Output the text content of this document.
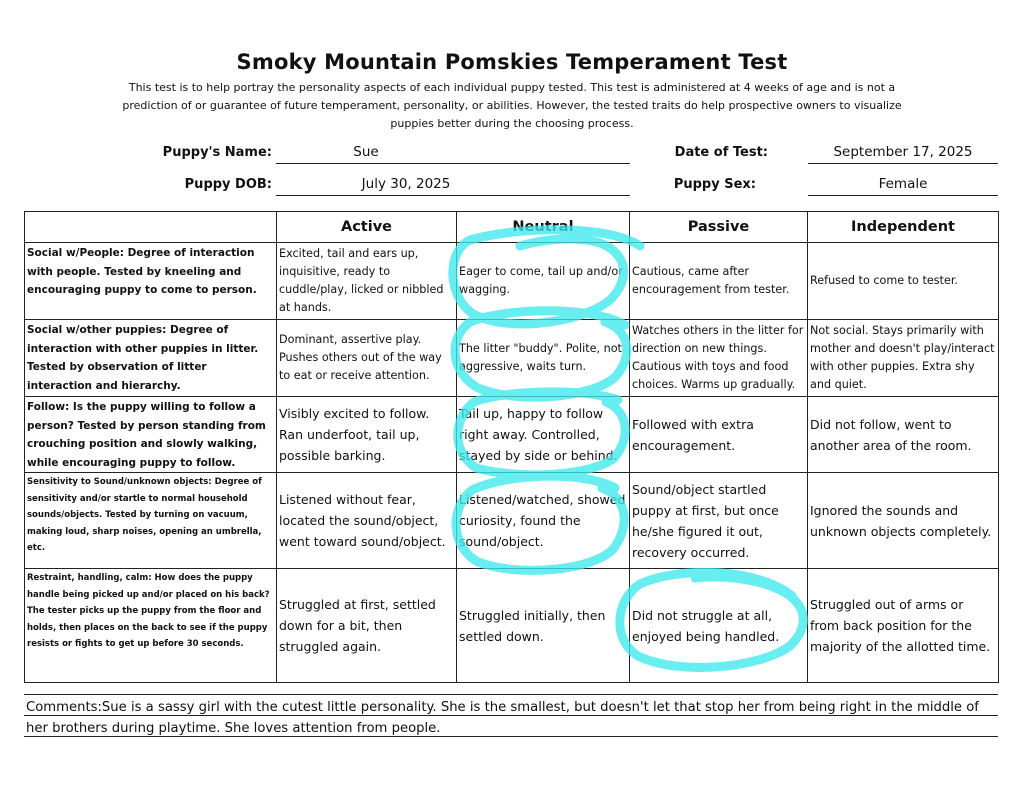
Smoky Mountain Pomskies Temperament Test
This test is to help portray the personality aspects of each individual puppy tested. This test is administered at 4 weeks of age and is not a prediction of or guarantee of future temperament, personality, or abilities. However, the tested traits do help prospective owners to visualize puppies better during the choosing process.
Puppy's Name:	Sue	Date of Test:	September 17, 2025
Puppy DOB:	July 30, 2025	Puppy Sex:	Female
	Active	Neutral	Passive	Independent
Social w/People: Degree of interaction with people. Tested by kneeling and encouraging puppy to come to person.	Excited, tail and ears up, inquisitive, ready to cuddle/play, licked or nibbled at hands.	Eager to come, tail up and/or wagging.	Cautious, came after encouragement from tester.	Refused to come to tester.
Social w/other puppies: Degree of interaction with other puppies in litter. Tested by observation of litter interaction and hierarchy.	Dominant, assertive play. Pushes others out of the way to eat or receive attention.	The litter "buddy". Polite, not aggressive, waits turn.	Watches others in the litter for direction on new things. Cautious with toys and food choices. Warms up gradually.	Not social. Stays primarily with mother and doesn't play/interact with other puppies. Extra shy and quiet.
Follow: Is the puppy willing to follow a person? Tested by person standing from crouching position and slowly walking, while encouraging puppy to follow.	Visibly excited to follow. Ran underfoot, tail up, possible barking.	Tail up, happy to follow right away. Controlled, stayed by side or behind.	Followed with extra encouragement.	Did not follow, went to another area of the room.
Sensitivity to Sound/unknown objects: Degree of sensitivity and/or startle to normal household sounds/objects. Tested by turning on vacuum, making loud, sharp noises, opening an umbrella, etc.	Listened without fear, located the sound/object, went toward sound/object.	Listened/watched, showed curiosity, found the sound/object.	Sound/object startled puppy at first, but once he/she figured it out, recovery occurred.	Ignored the sounds and unknown objects completely.
Restraint, handling, calm: How does the puppy handle being picked up and/or placed on his back? The tester picks up the puppy from the floor and holds, then places on the back to see if the puppy resists or fights to get up before 30 seconds.	Struggled at first, settled down for a bit, then struggled again.	Struggled initially, then settled down.	Did not struggle at all, enjoyed being handled.	Struggled out of arms or from back position for the majority of the allotted time.
Comments:Sue is a sassy girl with the cutest little personality. She is the smallest, but doesn't let that stop her from being right in the middle of her brothers during playtime. She loves attention from people.
